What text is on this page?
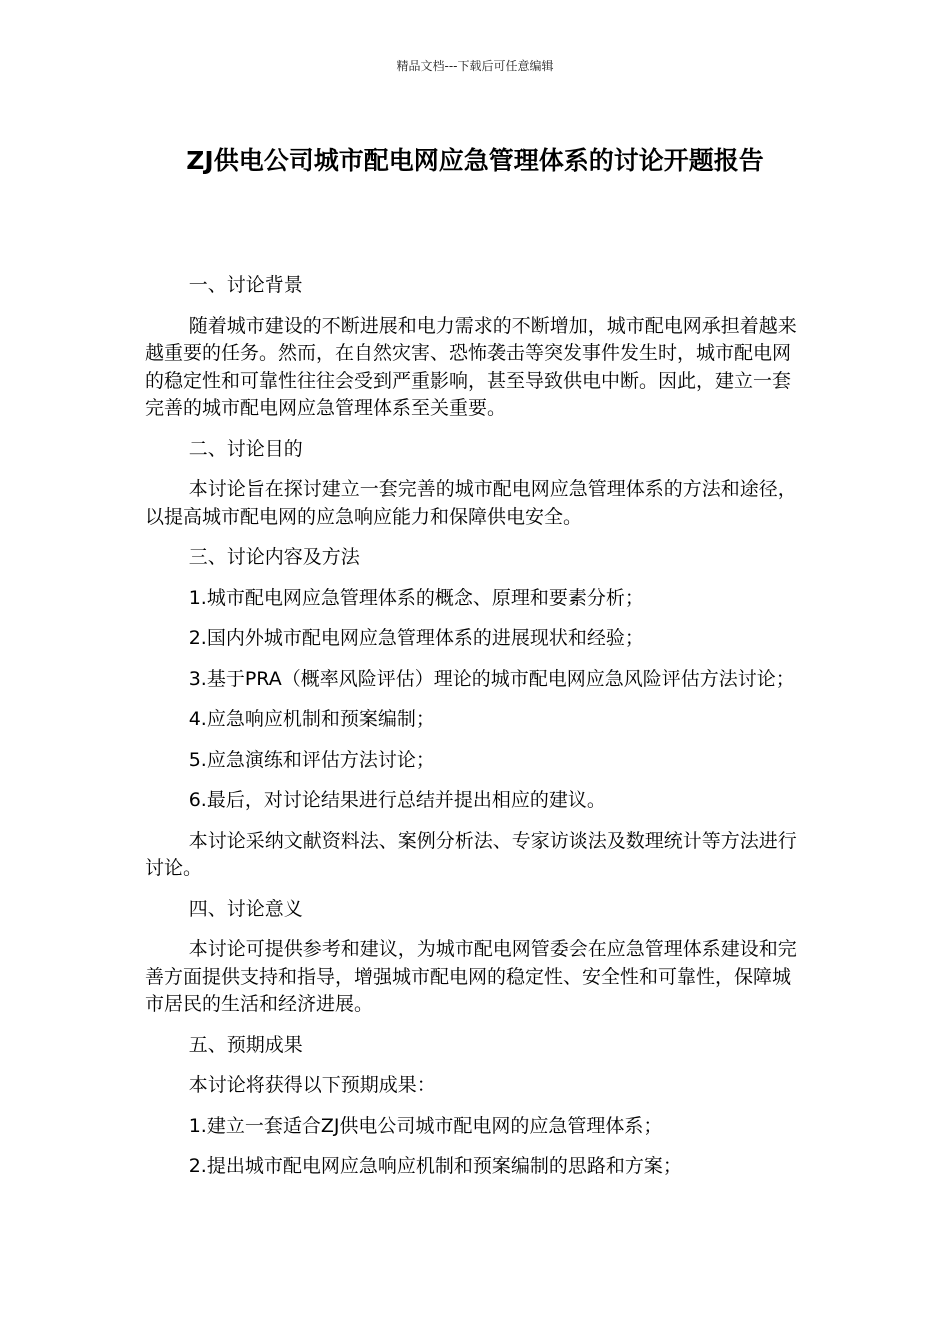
精品文档---下载后可任意编辑
ZJ供电公司城市配电网应急管理体系的讨论开题报告

一、讨论背景

随着城市建设的不断进展和电力需求的不断增加，城市配电网承担着越来越重要的任务。然而，在自然灾害、恐怖袭击等突发事件发生时，城市配电网的稳定性和可靠性往往会受到严重影响，甚至导致供电中断。因此，建立一套完善的城市配电网应急管理体系至关重要。

二、讨论目的

本讨论旨在探讨建立一套完善的城市配电网应急管理体系的方法和途径，以提高城市配电网的应急响应能力和保障供电安全。

三、讨论内容及方法

1.城市配电网应急管理体系的概念、原理和要素分析；

2.国内外城市配电网应急管理体系的进展现状和经验；

3.基于PRA（概率风险评估）理论的城市配电网应急风险评估方法讨论；

4.应急响应机制和预案编制；

5.应急演练和评估方法讨论；

6.最后，对讨论结果进行总结并提出相应的建议。

本讨论采纳文献资料法、案例分析法、专家访谈法及数理统计等方法进行讨论。

四、讨论意义

本讨论可提供参考和建议，为城市配电网管委会在应急管理体系建设和完善方面提供支持和指导，增强城市配电网的稳定性、安全性和可靠性，保障城市居民的生活和经济进展。

五、预期成果

本讨论将获得以下预期成果：

1.建立一套适合ZJ供电公司城市配电网的应急管理体系；

2.提出城市配电网应急响应机制和预案编制的思路和方案；
